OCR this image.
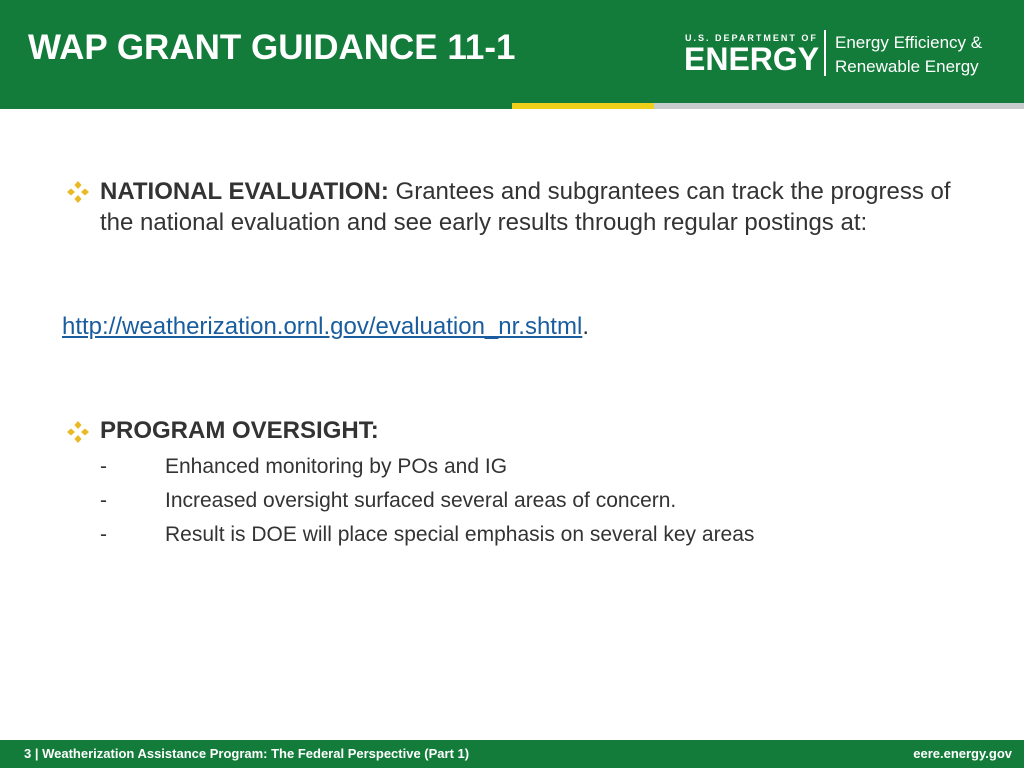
WAP GRANT GUIDANCE 11-1	U.S. DEPARTMENT OF
ENERGY Energy Efficiency &
Renewable Energy
NATIONAL EVALUATION: Grantees and subgrantees can track the progress of the national evaluation and see early results through regular postings at:
http://weatherization.ornl.gov/evaluation_nr.shtml.
PROGRAM OVERSIGHT:
-	Enhanced monitoring by POs and IG
-	Increased oversight surfaced several areas of concern.
-	Result is DOE will place special emphasis on several key areas
3 | Weatherization Assistance Program: The Federal Perspective (Part 1)	eere.energy.gov
